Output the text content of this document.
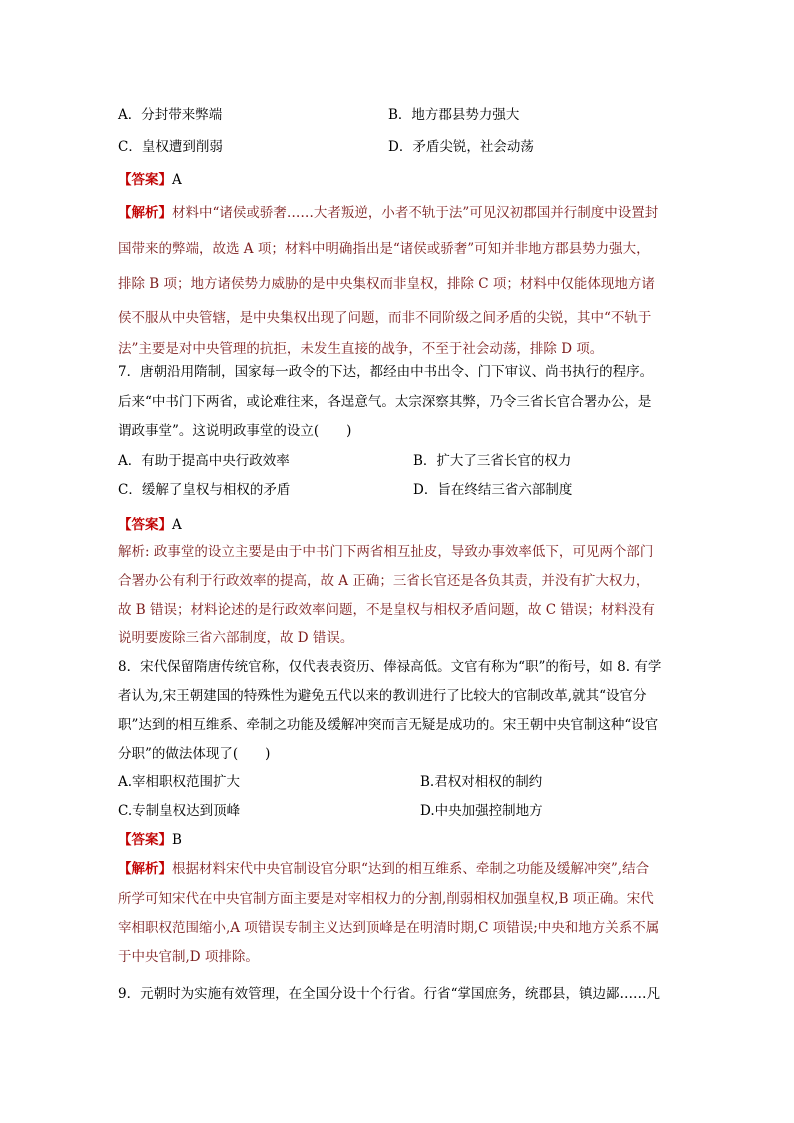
A．分封带来弊端	B．地方郡县势力强大
C．皇权遭到削弱	D．矛盾尖锐，社会动荡
【答案】A
【解析】材料中“诸侯或骄奢……大者叛逆，小者不轨于法”可见汉初郡国并行制度中设置封
国带来的弊端，故选 A 项；材料中明确指出是“诸侯或骄奢”可知并非地方郡县势力强大，
排除 B 项；地方诸侯势力威胁的是中央集权而非皇权，排除 C 项；材料中仅能体现地方诸
侯不服从中央管辖，是中央集权出现了问题，而非不同阶级之间矛盾的尖锐，其中“不轨于
法”主要是对中央管理的抗拒，未发生直接的战争，不至于社会动荡，排除 D 项。
7．唐朝沿用隋制，国家每一政令的下达，都经由中书出令、门下审议、尚书执行的程序。
后来“中书门下两省，或论难往来，各逞意气。太宗深察其弊，乃令三省长官合署办公，是
谓政事堂”。这说明政事堂的设立(　　)
A．有助于提高中央行政效率	B．扩大了三省长官的权力
C．缓解了皇权与相权的矛盾	D．旨在终结三省六部制度
【答案】A
解析: 政事堂的设立主要是由于中书门下两省相互扯皮，导致办事效率低下，可见两个部门
合署办公有利于行政效率的提高，故 A 正确；三省长官还是各负其责，并没有扩大权力，
故 B 错误；材料论述的是行政效率问题，不是皇权与相权矛盾问题，故 C 错误；材料没有
说明要废除三省六部制度，故 D 错误。
8．宋代保留隋唐传统官称，仅代表表资历、俸禄高低。文官有称为“职”的衔号，如 8. 有学
者认为,宋王朝建国的特殊性为避免五代以来的教训进行了比较大的官制改革,就其“设官分
职”达到的相互维系、牵制之功能及缓解冲突而言无疑是成功的。宋王朝中央官制这种“设官
分职”的做法体现了(　　)
A.宰相职权范围扩大	B.君权对相权的制约
C.专制皇权达到顶峰	D.中央加强控制地方
【答案】B
【解析】根据材料宋代中央官制设官分职“达到的相互维系、牵制之功能及缓解冲突”,结合
所学可知宋代在中央官制方面主要是对宰相权力的分割,削弱相权加强皇权,B 项正确。宋代
宰相职权范围缩小,A 项错误专制主义达到顶峰是在明清时期,C 项错误;中央和地方关系不属
于中央官制,D 项排除。
9．元朝时为实施有效管理，在全国分设十个行省。行省“掌国庶务，统郡县，镇边鄙……凡
